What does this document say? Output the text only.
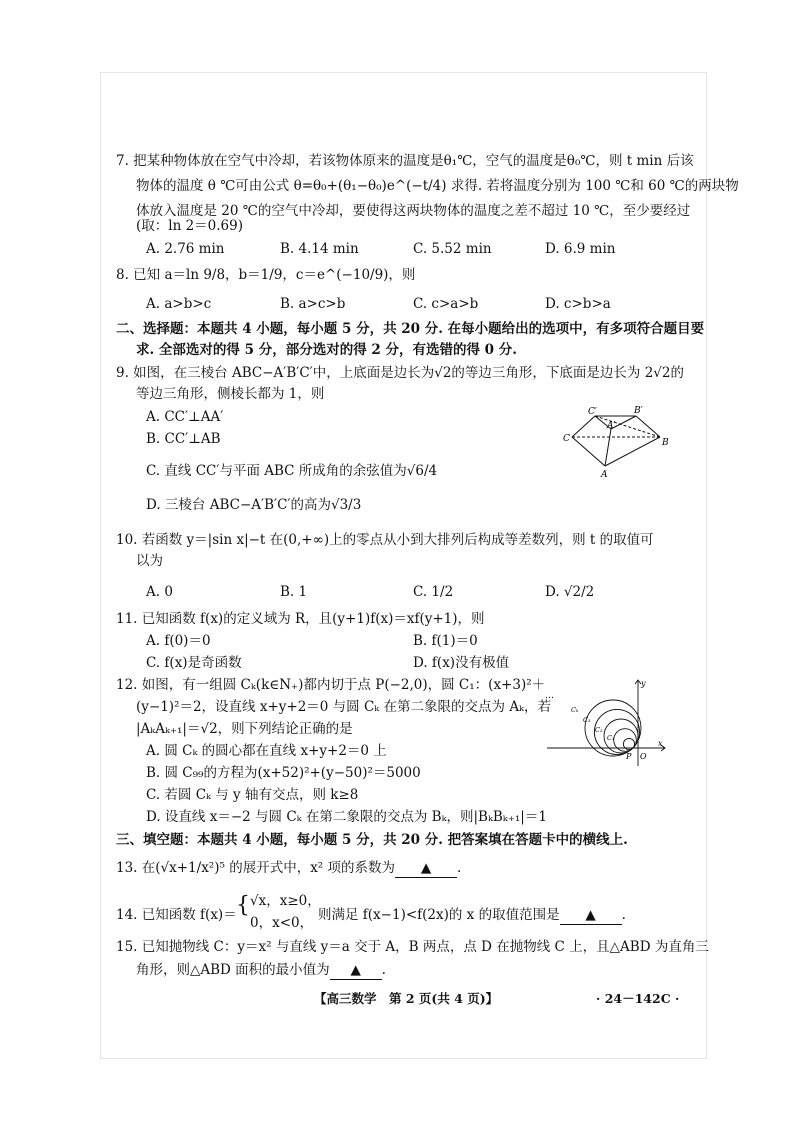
7. 把某种物体放在空气中冷却，若该物体原来的温度是θ₁℃，空气的温度是θ₀℃，则 t min 后该
物体的温度 θ ℃可由公式 θ=θ₀+(θ₁−θ₀)e^(−t/4) 求得. 若将温度分别为 100 ℃和 60 ℃的两块物
体放入温度是 20 ℃的空气中冷却，要使得这两块物体的温度之差不超过 10 ℃，至少要经过
(取：ln 2＝0.69)
A. 2.76 min	B. 4.14 min	C. 5.52 min	D. 6.9 min
8. 已知 a＝ln 9/8，b＝1/9，c＝e^(−10/9)，则
A. a>b>c	B. a>c>b	C. c>a>b	D. c>b>a
二、选择题：本题共 4 小题，每小题 5 分，共 20 分. 在每小题给出的选项中，有多项符合题目要
求. 全部选对的得 5 分，部分选对的得 2 分，有选错的得 0 分.
9. 如图，在三棱台 ABC−A′B′C′中，上底面是边长为√2的等边三角形，下底面是边长为 2√2的
等边三角形，侧棱长都为 1，则
A. CC′⊥AA′
B. CC′⊥AB
C. 直线 CC′与平面 ABC 所成角的余弦值为√6/4
D. 三棱台 ABC−A′B′C′的高为√3/3
C′	B′
A′
C	B
A
10. 若函数 y＝|sin x|−t 在(0,+∞)上的零点从小到大排列后构成等差数列，则 t 的取值可
以为
A. 0	B. 1	C. 1/2	D. √2/2
11. 已知函数 f(x)的定义域为 R，且(y+1)f(x)＝xf(y+1)，则
A. f(0)＝0	B. f(1)＝0
C. f(x)是奇函数	D. f(x)没有极值
12. 如图，有一组圆 Cₖ(k∈N₊)都内切于点 P(−2,0)，圆 C₁：(x+3)²＋
(y−1)²＝2，设直线 x+y+2＝0 与圆 Cₖ 在第二象限的交点为 Aₖ，若
|AₖAₖ₊₁|＝√2，则下列结论正确的是
A. 圆 Cₖ 的圆心都在直线 x+y+2＝0 上
B. 圆 C₉₉的方程为(x+52)²+(y−50)²＝5000
C. 若圆 Cₖ 与 y 轴有交点，则 k≥8
D. 设直线 x＝−2 与圆 Cₖ 在第二象限的交点为 Bₖ，则|BₖBₖ₊₁|＝1
y
x
P O
Cₖ
C₃
C₂
C₁
…
三、填空题：本题共 4 小题，每小题 5 分，共 20 分. 把答案填在答题卡中的横线上.
13. 在(√x+1/x²)⁵ 的展开式中，x² 项的系数为 ▲ .
14. 已知函数 f(x)＝ { √x，x≥0，
0，x<0， 则满足 f(x−1)<f(2x)的 x 的取值范围是 ▲ .
15. 已知抛物线 C：y＝x² 与直线 y＝a 交于 A，B 两点，点 D 在抛物线 C 上，且△ABD 为直角三
角形，则△ABD 面积的最小值为 ▲ .
【高三数学　第 2 页(共 4 页)】	· 24－142C ·
